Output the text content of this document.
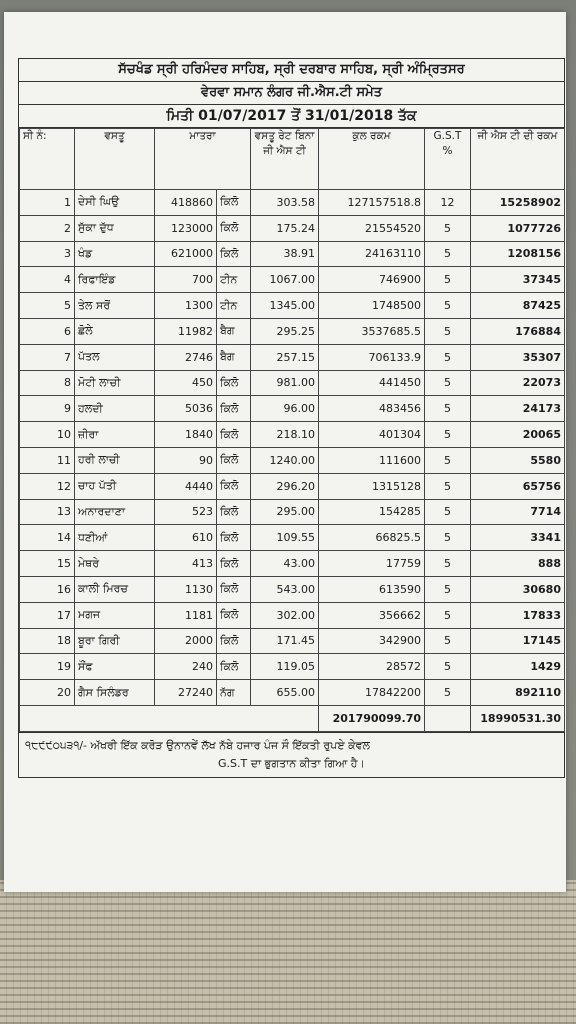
ਸੱਚਖੰਡ ਸ੍ਰੀ ਹਰਿਮੰਦਰ ਸਾਹਿਬ, ਸ੍ਰੀ ਦਰਬਾਰ ਸਾਹਿਬ, ਸ੍ਰੀ ਅੰਮ੍ਰਿਤਸਰ
ਵੇਰਵਾ ਸਮਾਨ ਲੰਗਰ ਜੀ.ਐਸ.ਟੀ ਸਮੇਤ
ਮਿਤੀ 01/07/2017 ਤੋਂ 31/01/2018 ਤੱਕ
ਸੀ ਨੰ:	ਵਸਤੂ	ਮਾਤਰਾ		ਵਸਤੂ ਰੇਟ ਬਿਨਾ ਜੀ ਐਸ ਟੀ	ਕੁਲ ਰਕਮ	G.S.T %	ਜੀ ਐਸ ਟੀ ਦੀ ਰਕਮ
1	ਦੇਸੀ ਘਿਉ	418860	ਕਿਲੋ	303.58	127157518.8	12	15258902
2	ਸੁੱਕਾ ਦੁੱਧ	123000	ਕਿਲੋ	175.24	21554520	5	1077726
3	ਖੰਡ	621000	ਕਿਲੋ	38.91	24163110	5	1208156
4	ਰਿਫਾਇੰਡ	700	ਟੀਨ	1067.00	746900	5	37345
5	ਤੇਲ ਸਰੋਂ	1300	ਟੀਨ	1345.00	1748500	5	87425
6	ਛੋਲੇ	11982	ਬੈਗ	295.25	3537685.5	5	176884
7	ਪੱਤਲ	2746	ਬੈਗ	257.15	706133.9	5	35307
8	ਮੋਟੀ ਲਾਚੀ	450	ਕਿਲੋ	981.00	441450	5	22073
9	ਹਲਦੀ	5036	ਕਿਲੋ	96.00	483456	5	24173
10	ਜ਼ੀਰਾ	1840	ਕਿਲੋ	218.10	401304	5	20065
11	ਹਰੀ ਲਾਚੀ	90	ਕਿਲੋ	1240.00	111600	5	5580
12	ਚਾਹ ਪੱਤੀ	4440	ਕਿਲੋ	296.20	1315128	5	65756
13	ਅਨਾਰਦਾਣਾ	523	ਕਿਲੋ	295.00	154285	5	7714
14	ਧਣੀਆਂ	610	ਕਿਲੋ	109.55	66825.5	5	3341
15	ਮੇਥਰੇ	413	ਕਿਲੋ	43.00	17759	5	888
16	ਕਾਲੀ ਮਿਰਚ	1130	ਕਿਲੋ	543.00	613590	5	30680
17	ਮਗਜ	1181	ਕਿਲੋ	302.00	356662	5	17833
18	ਬੂਰਾ ਗਿਰੀ	2000	ਕਿਲੋ	171.45	342900	5	17145
19	ਸੌਂਫ	240	ਕਿਲੋ	119.05	28572	5	1429
20	ਗੈਸ ਸਿਲੰਡਰ	27240	ਨੱਗ	655.00	17842200	5	892110
					201790099.70		18990531.30
੧੮੯੯੦੫੩੧/- ਅੱਖਰੀ ਇੱਕ ਕਰੋੜ ਉਨਾਨਵੇਂ ਲੱਖ ਨੱਬੇ ਹਜਾਰ ਪੰਜ ਸੌ ਇੱਕਤੀ ਰੁਪਏ ਕੇਵਲ
G.S.T ਦਾ ਭੁਗਤਾਨ ਕੀਤਾ ਗਿਆ ਹੈ।
